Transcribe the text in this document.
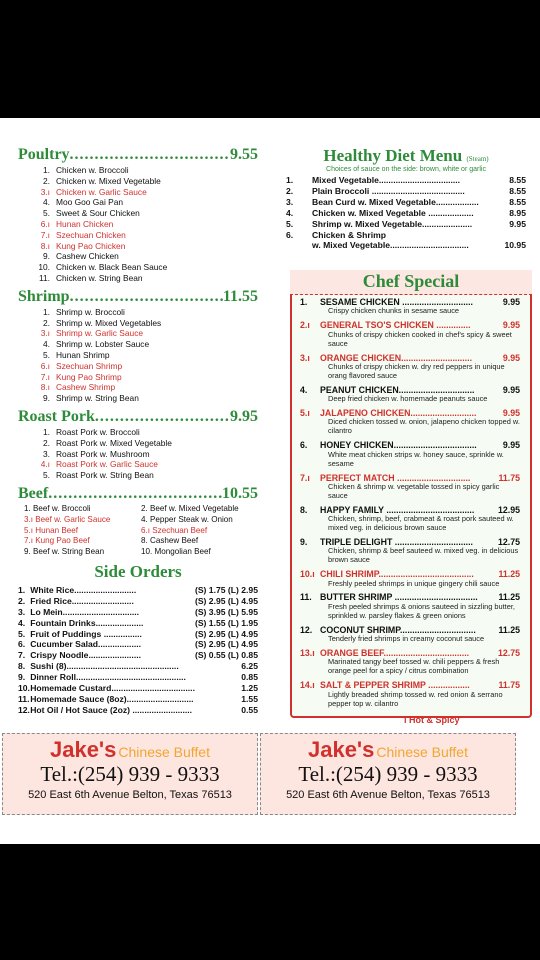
Poultry .....	9.55
1. Chicken w. Broccoli
2. Chicken w. Mixed Vegetable
3.ı Chicken w. Garlic Sauce
4. Moo Goo Gai Pan
5. Sweet & Sour Chicken
6.ı Hunan Chicken
7.ı Szechuan Chicken
8.ı Kung Pao Chicken
9. Cashew Chicken
10. Chicken w. Black Bean Sauce
11. Chicken w. String Bean
Shrimp .....	11.55
1. Shrimp w. Broccoli
2. Shrimp w. Mixed Vegetables
3.ı Shrimp w. Garlic Sauce
4. Shrimp w. Lobster Sauce
5. Hunan Shrimp
6.ı Szechuan Shrimp
7.ı Kung Pao Shrimp
8.ı Cashew Shrimp
9. Shrimp w. String Bean
Roast Pork .....	9.95
1. Roast Pork w. Broccoli
2. Roast Pork w. Mixed Vegetable
3. Roast Pork w. Mushroom
4.ı Roast Pork w. Garlic Sauce
5. Roast Pork w. String Bean
Beef .....	10.55
1. Beef w. Broccoli	2. Beef w. Mixed Vegetable
3.ı Beef w. Garlic Sauce	4. Pepper Steak w. Onion
5.ı Hunan Beef	6.ı Szechuan Beef
7.ı Kung Pao Beef	8. Cashew Beef
9. Beef w. String Bean	10. Mongolian Beef
Side Orders
1.	White Rice..........................	(S) 1.75 (L) 2.95
2.	Fried Rice..........................	(S) 2.95 (L) 4.95
3.	Lo Mein................................	(S) 3.95 (L) 5.95
4.	Fountain Drinks....................	(S) 1.55 (L) 1.95
5.	Fruit of Puddings ................	(S) 2.95 (L) 4.95
6.	Cucumber Salad..................	(S) 2.95 (L) 4.95
7.	Crispy Noodle......................	(S) 0.55 (L) 0.85
8.	Sushi (8)...............................................	6.25
9.	Dinner Roll..............................................	0.85
10.	Homemade Custard...................................	1.25
11.	Homemade Sauce (8oz)............................	1.55
12.	Hot Oil / Hot Sauce (2oz) .........................	0.55
Healthy Diet Menu (Steam)
Choices of sauce on the side: brown, white or garlic
1.	Mixed Vegetable..................................	8.55
2.	Plain Broccoli .......................................	8.55
3.	Bean Curd w. Mixed Vegetable..................	8.55
4.	Chicken w. Mixed Vegetable ...................	8.95
5.	Shrimp w. Mixed Vegetable.....................	9.95
6.	Chicken & Shrimp	
	w. Mixed Vegetable.................................	10.95
Chef Special
1.	SESAME CHICKEN .............................	9.95
Crispy chicken chunks in sesame sauce
2.ı	GENERAL TSO'S CHICKEN ..............	9.95
Chunks of crispy chicken cooked in chef's spicy & sweet sauce
3.ı	ORANGE CHICKEN.............................	9.95
Chunks of crispy chicken w. dry red peppers in unique orang flavored sauce
4.	PEANUT CHICKEN...............................	9.95
Deep fried chicken w. homemade peanuts sauce
5.ı	JALAPENO CHICKEN...........................	9.95
Diced chicken tossed w. onion, jalapeno chicken topped w. cilantro
6.	HONEY CHICKEN..................................	9.95
White meat chicken strips w. honey sauce, sprinkle w. sesame
7.ı	PERFECT MATCH ..............................	11.75
Chicken & shrimp w. vegetable tossed in spicy garlic sauce
8.	HAPPY FAMILY ....................................	12.95
Chicken, shrimp, beef, crabmeat & roast pork sauteed w. mixed veg. in delicious brown sauce
9.	TRIPLE DELIGHT ................................	12.75
Chicken, shrimp & beef sauteed w. mixed veg. in delicious brown sauce
10.ı CHILI SHRIMP.......................................	11.25
Freshly peeled shrimps in unique gingery chili sauce
11. BUTTER SHRIMP ..................................	11.25
Fresh peeled shrimps & onions sauteed in sizzling butter, sprinkled w. parsley flakes & green onions
12. COCONUT SHRIMP...............................	11.25
Tenderly fried shrimps in creamy coconut sauce
13.ı ORANGE BEEF...................................	12.75
Marinated tangy beef tossed w. chili peppers & fresh orange peel for a spicy / citrus combination
14.ı SALT & PEPPER SHRIMP .................	11.75
Lightly breaded shrimp tossed w. red onion & serrano pepper top w. cilantro
ı Hot & Spicy
Jake's Chinese Buffet
Tel.:(254) 939 - 9333
520 East 6th Avenue Belton, Texas 76513
Jake's Chinese Buffet
Tel.:(254) 939 - 9333
520 East 6th Avenue Belton, Texas 76513
